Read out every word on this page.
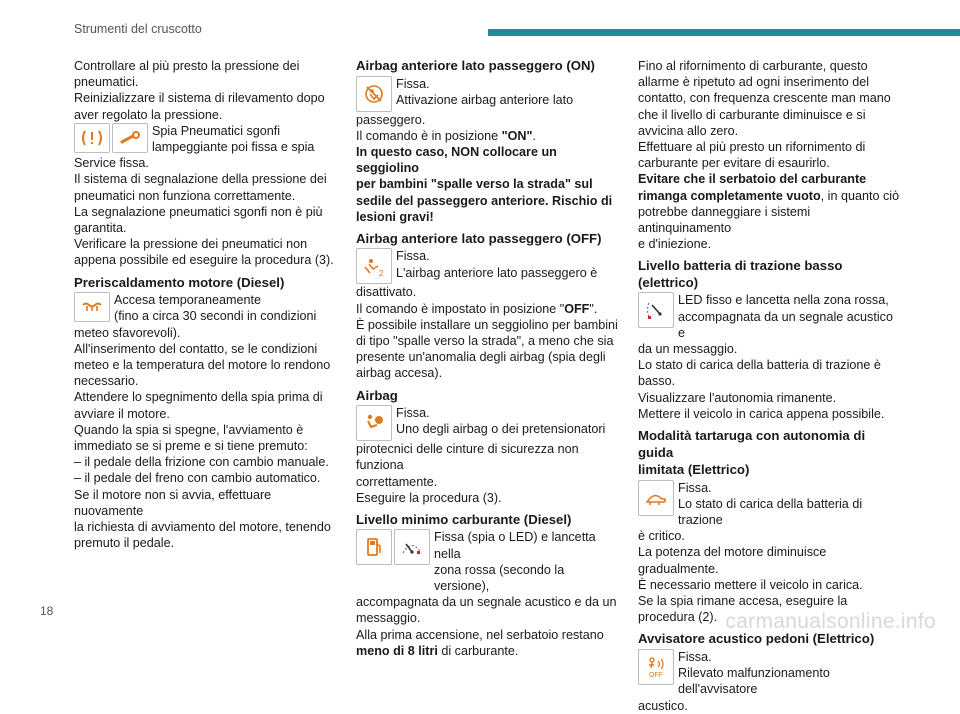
Strumenti del cruscotto

Controllare al più presto la pressione dei

pneumatici.

Reinizializzare il sistema di rilevamento dopo

aver regolato la pressione.

Spia Pneumatici sgonfi

lampeggiante poi fissa e spia

Service fissa.

Il sistema di segnalazione della pressione dei

pneumatici non funziona correttamente.

La segnalazione pneumatici sgonfi non è più

garantita.

Verificare la pressione dei pneumatici non

appena possibile ed eseguire la procedura (3).

Preriscaldamento motore (Diesel)

Accesa temporaneamente

(fino a circa 30 secondi in condizioni

meteo sfavorevoli).

All'inserimento del contatto, se le condizioni

meteo e la temperatura del motore lo rendono

necessario.

Attendere lo spegnimento della spia prima di

avviare il motore.

Quando la spia si spegne, l'avviamento è

immediato se si preme e si tiene premuto:

– il pedale della frizione con cambio manuale.

– il pedale del freno con cambio automatico.

Se il motore non si avvia, effettuare nuovamente

la richiesta di avviamento del motore, tenendo

premuto il pedale.

Airbag anteriore lato passeggero (ON)

Fissa.

Attivazione airbag anteriore lato

passeggero.

Il comando è in posizione "ON".

In questo caso, NON collocare un seggiolino

per bambini "spalle verso la strada" sul

sedile del passeggero anteriore. Rischio di

lesioni gravi!

Airbag anteriore lato passeggero (OFF)

2

Fissa.

L'airbag anteriore lato passeggero è

disattivato.

Il comando è impostato in posizione "OFF".

È possibile installare un seggiolino per bambini

di tipo "spalle verso la strada", a meno che sia

presente un'anomalia degli airbag (spia degli

airbag accesa).

Airbag

Fissa.

Uno degli airbag o dei pretensionatori

pirotecnici delle cinture di sicurezza non funziona

correttamente.

Eseguire la procedura (3).

Livello minimo carburante (Diesel)

Fissa (spia o LED) e lancetta nella

zona rossa (secondo la versione),

accompagnata da un segnale acustico e da un

messaggio.

Alla prima accensione, nel serbatoio restano

meno di 8 litri di carburante.

Fino al rifornimento di carburante, questo

allarme è ripetuto ad ogni inserimento del

contatto, con frequenza crescente man mano

che il livello di carburante diminuisce e si

avvicina allo zero.

Effettuare al più presto un rifornimento di

carburante per evitare di esaurirlo.

Evitare che il serbatoio del carburante

rimanga completamente vuoto, in quanto ciò

potrebbe danneggiare i sistemi antinquinamento

e d'iniezione.

Livello batteria di trazione basso (elettrico)

LED fisso e lancetta nella zona rossa,

accompagnata da un segnale acustico e

da un messaggio.

Lo stato di carica della batteria di trazione è

basso.

Visualizzare l'autonomia rimanente.

Mettere il veicolo in carica appena possibile.

Modalità tartaruga con autonomia di guida

limitata (Elettrico)

Fissa.

Lo stato di carica della batteria di trazione

è critico.

La potenza del motore diminuisce gradualmente.

È necessario mettere il veicolo in carica.

Se la spia rimane accesa, eseguire la

procedura (2).

Avvisatore acustico pedoni (Elettrico)

OFF

Fissa.

Rilevato malfunzionamento dell'avvisatore

acustico.

18	carmanualsonline.info
